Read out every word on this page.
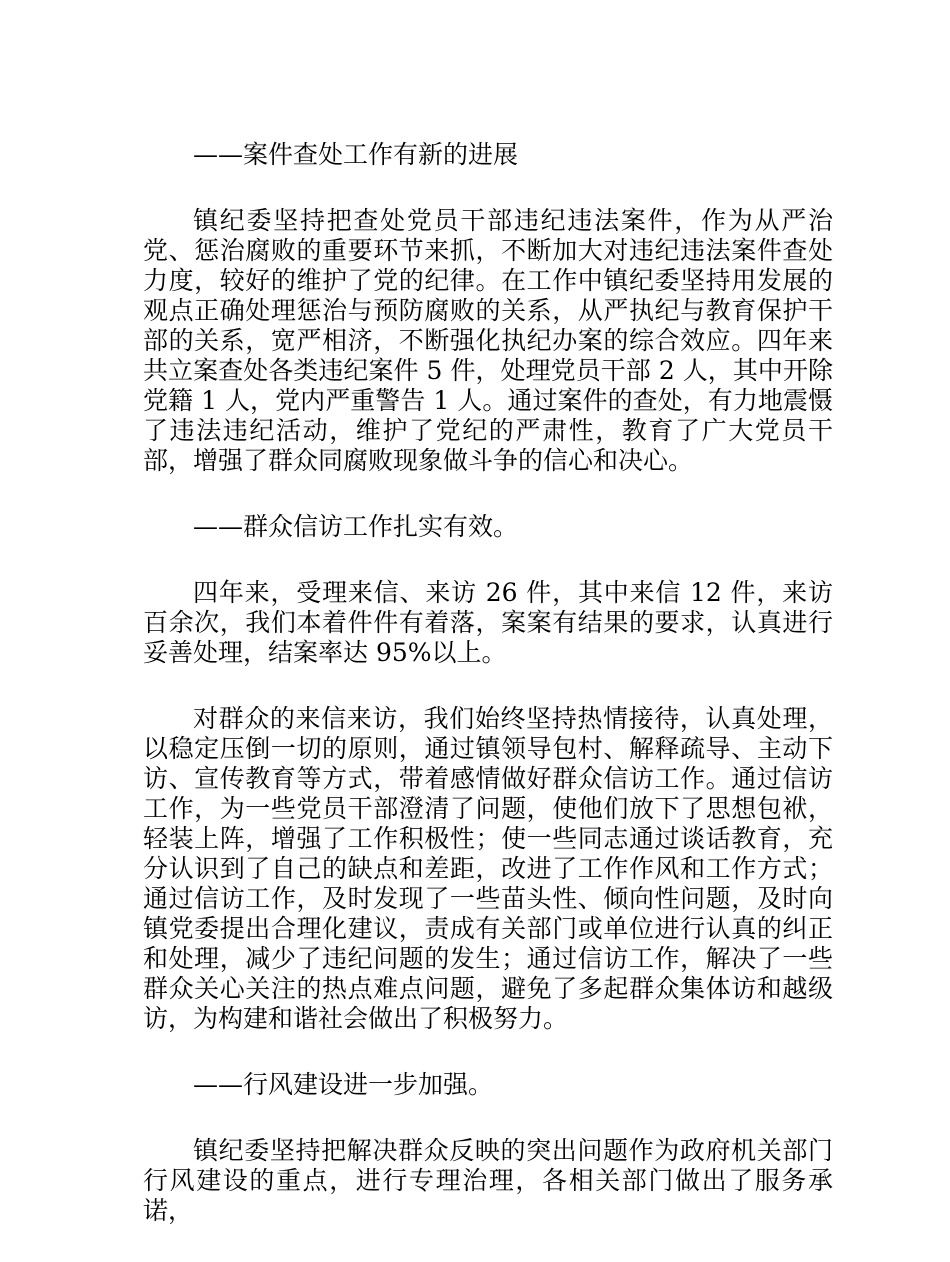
——案件查处工作有新的进展

镇纪委坚持把查处党员干部违纪违法案件，作为从严治党、惩治腐败的重要环节来抓，不断加大对违纪违法案件查处力度，较好的维护了党的纪律。在工作中镇纪委坚持用发展的观点正确处理惩治与预防腐败的关系，从严执纪与教育保护干部的关系，宽严相济，不断强化执纪办案的综合效应。四年来共立案查处各类违纪案件 5 件，处理党员干部 2 人，其中开除党籍 1 人，党内严重警告 1 人。通过案件的查处，有力地震慑了违法违纪活动，维护了党纪的严肃性，教育了广大党员干部，增强了群众同腐败现象做斗争的信心和决心。

——群众信访工作扎实有效。

四年来，受理来信、来访 26 件，其中来信 12 件，来访百余次，我们本着件件有着落，案案有结果的要求，认真进行妥善处理，结案率达 95%以上。

对群众的来信来访，我们始终坚持热情接待，认真处理，以稳定压倒一切的原则，通过镇领导包村、解释疏导、主动下访、宣传教育等方式，带着感情做好群众信访工作。通过信访工作，为一些党员干部澄清了问题，使他们放下了思想包袱，轻装上阵，增强了工作积极性；使一些同志通过谈话教育，充分认识到了自己的缺点和差距，改进了工作作风和工作方式；通过信访工作，及时发现了一些苗头性、倾向性问题，及时向镇党委提出合理化建议，责成有关部门或单位进行认真的纠正和处理，减少了违纪问题的发生；通过信访工作，解决了一些群众关心关注的热点难点问题，避免了多起群众集体访和越级访，为构建和谐社会做出了积极努力。

——行风建设进一步加强。

镇纪委坚持把解决群众反映的突出问题作为政府机关部门行风建设的重点，进行专理治理，各相关部门做出了服务承诺，
